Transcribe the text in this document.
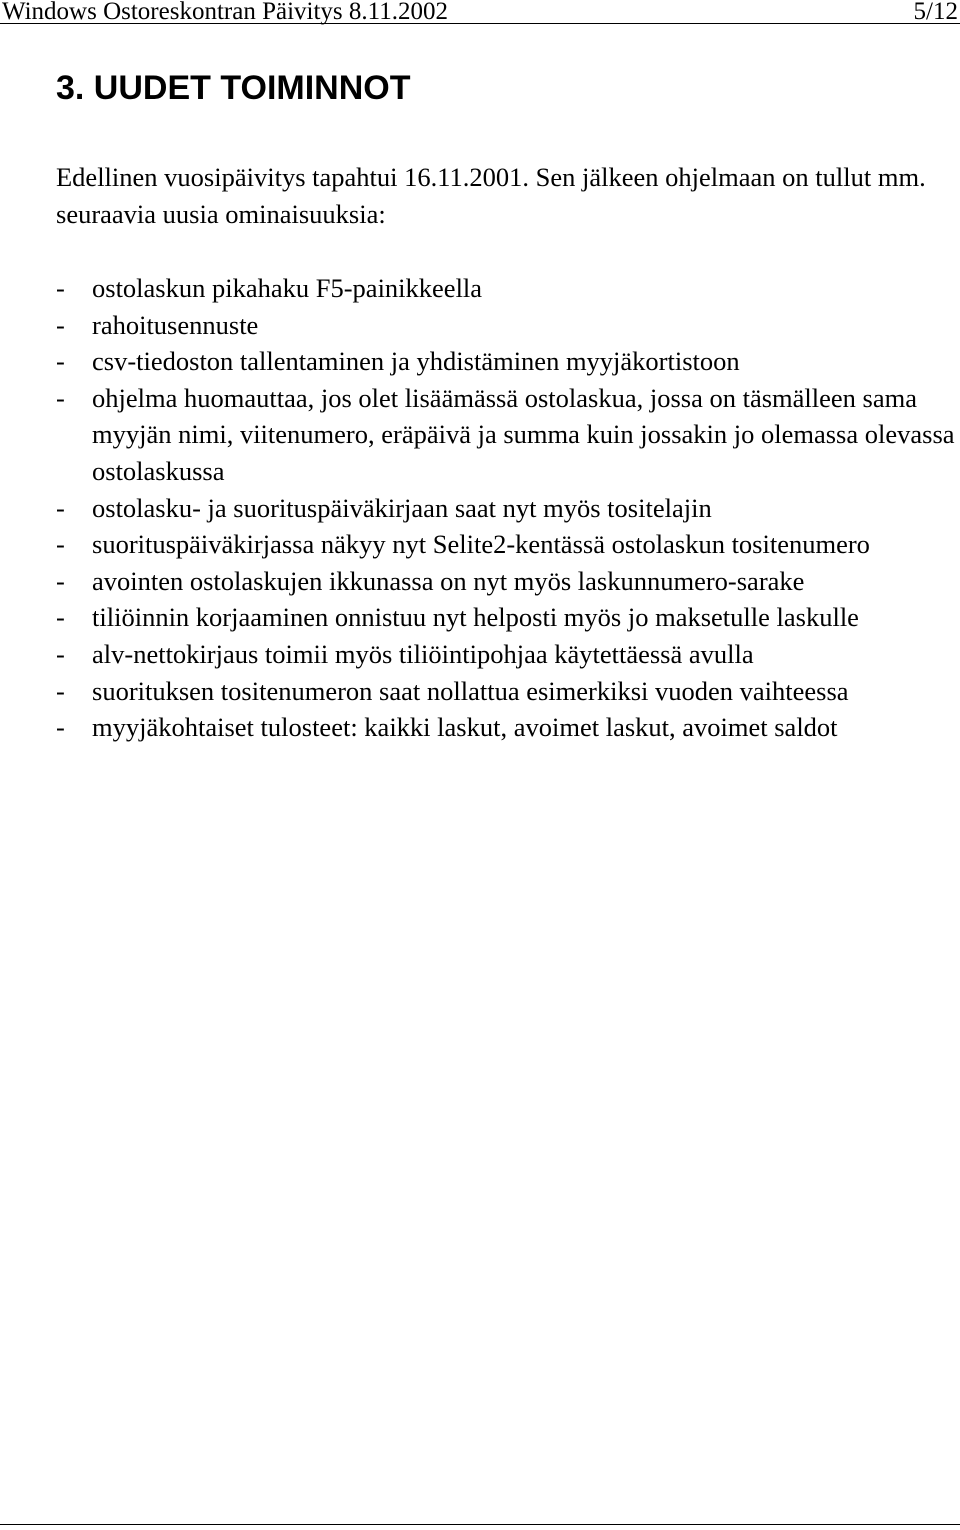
Windows Ostoreskontran Päivitys 8.11.2002	5/12
3. UUDET TOIMINNOT

Edellinen vuosipäivitys tapahtui 16.11.2001. Sen jälkeen ohjelmaan on tullut mm. seuraavia uusia ominaisuuksia:

- ostolaskun pikahaku F5-painikkeella
- rahoitusennuste
- csv-tiedoston tallentaminen ja yhdistäminen myyjäkortistoon
- ohjelma huomauttaa, jos olet lisäämässä ostolaskua, jossa on täsmälleen sama myyjän nimi, viitenumero, eräpäivä ja summa kuin jossakin jo olemassa olevassa ostolaskussa
- ostolasku- ja suorituspäiväkirjaan saat nyt myös tositelajin
- suorituspäiväkirjassa näkyy nyt Selite2-kentässä ostolaskun tositenumero
- avointen ostolaskujen ikkunassa on nyt myös laskunnumero-sarake
- tiliöinnin korjaaminen onnistuu nyt helposti myös jo maksetulle laskulle
- alv-nettokirjaus toimii myös tiliöintipohjaa käytettäessä avulla
- suorituksen tositenumeron saat nollattua esimerkiksi vuoden vaihteessa
- myyjäkohtaiset tulosteet: kaikki laskut, avoimet laskut, avoimet saldot
